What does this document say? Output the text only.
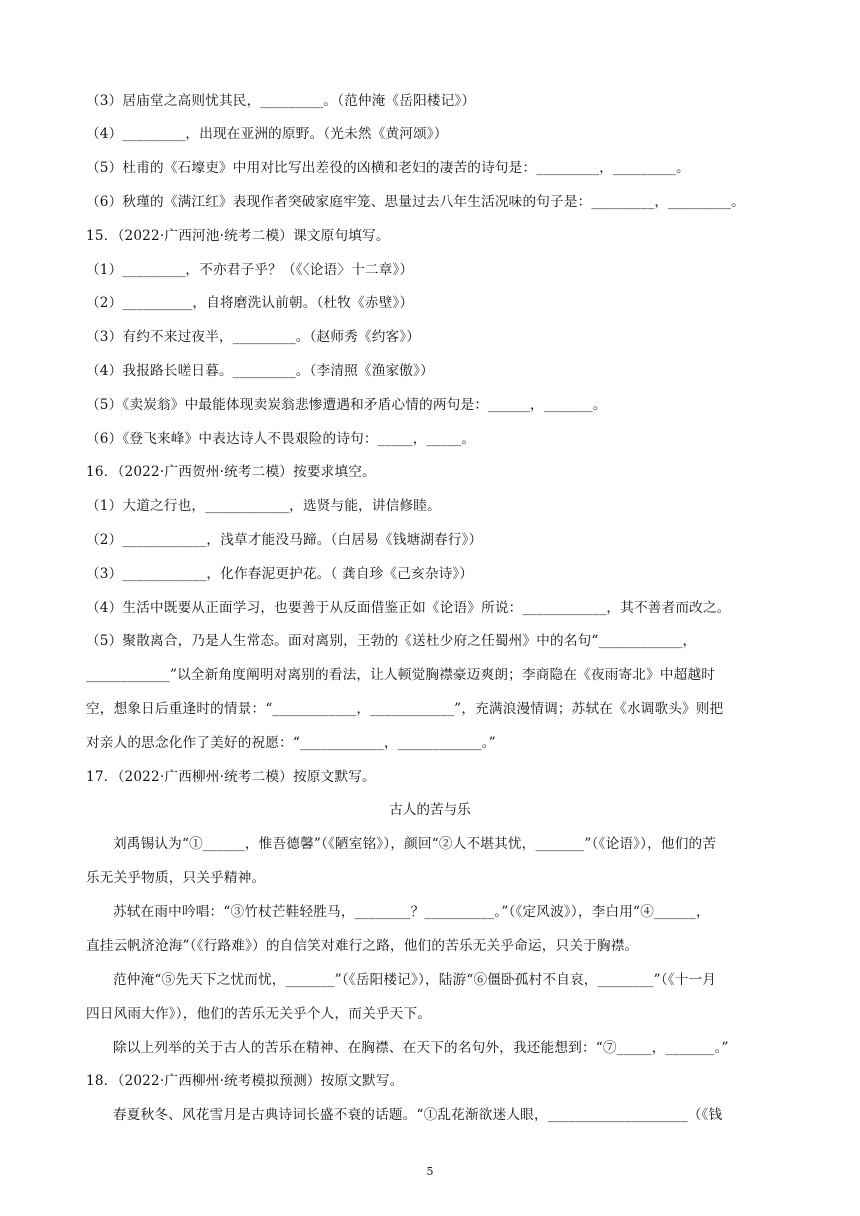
（3）居庙堂之高则忧其民，_________。（范仲淹《岳阳楼记》）
（4）_________，出现在亚洲的原野。（光未然《黄河颂》）
（5）杜甫的《石壕吏》中用对比写出差役的凶横和老妇的凄苦的诗句是：_________，_________。
（6）秋瑾的《满江红》表现作者突破家庭牢笼、思量过去八年生活况味的句子是：_________，_________。
15．（2022·广西河池·统考二模）课文原句填写。
（1）_________，不亦君子乎？（《〈论语〉十二章》）
（2）__________，自将磨洗认前朝。（杜牧《赤壁》）
（3）有约不来过夜半，_________。（赵师秀《约客》）
（4）我报路长嗟日暮。_________。（李清照《渔家傲》）
（5）《卖炭翁》中最能体现卖炭翁悲惨遭遇和矛盾心情的两句是：______，_______。
（6）《登飞来峰》中表达诗人不畏艰险的诗句：_____，_____。
16．（2022·广西贺州·统考二模）按要求填空。
（1）大道之行也，____________，选贤与能，讲信修睦。
（2）____________，浅草才能没马蹄。（白居易《钱塘湖春行》）
（3）____________，化作春泥更护花。（ 龚自珍《己亥杂诗》）
（4）生活中既要从正面学习，也要善于从反面借鉴正如《论语》所说：____________，其不善者而改之。
（5）聚散离合，乃是人生常态。面对离别，王勃的《送杜少府之任蜀州》中的名句“____________，
____________”以全新角度阐明对离别的看法，让人顿觉胸襟豪迈爽朗；李商隐在《夜雨寄北》中超越时
空，想象日后重逢时的情景：“____________，____________”，充满浪漫情调；苏轼在《水调歌头》则把
对亲人的思念化作了美好的祝愿：“____________，____________。”
17．（2022·广西柳州·统考二模）按原文默写。
古人的苦与乐
刘禹锡认为“①______，惟吾德馨”（《陋室铭》），颜回“②人不堪其忧，_______”（《论语》），他们的苦
乐无关乎物质，只关乎精神。
苏轼在雨中吟唱：“③竹杖芒鞋轻胜马，________？__________。”（《定风波》），李白用“④______，
直挂云帆济沧海”（《行路难》）的自信笑对难行之路，他们的苦乐无关乎命运，只关于胸襟。
范仲淹“⑤先天下之忧而忧，_______”（《岳阳楼记》），陆游“⑥僵卧孤村不自哀，________”（《十一月
四日风雨大作》），他们的苦乐无关乎个人，而关乎天下。
除以上列举的关于古人的苦乐在精神、在胸襟、在天下的名句外，我还能想到：“⑦_____，_______。”
18．（2022·广西柳州·统考模拟预测）按原文默写。
春夏秋冬、风花雪月是古典诗词长盛不衰的话题。“①乱花渐欲迷人眼，____________________（《钱
5
